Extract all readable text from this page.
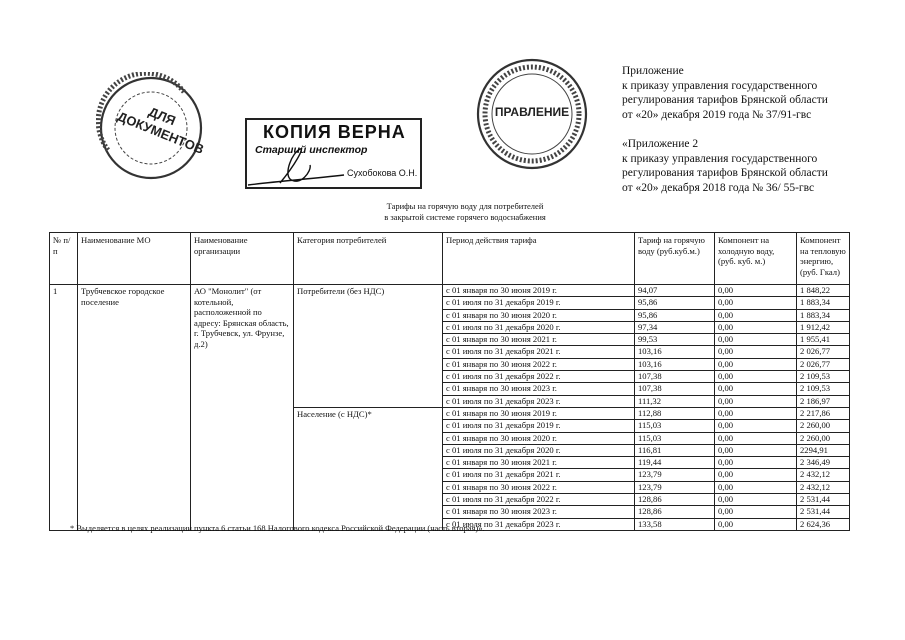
ДЛЯ ДОКУМЕНТОВ	КОПИЯ ВЕРНА
Старший инспектор
Сухобокова О.Н.
ПРАВЛЕНИЕ
Приложение
к приказу управления государственного
регулирования тарифов Брянской области
от «20» декабря 2019 года № 37/91-гвс
«Приложение 2
к приказу управления государственного
регулирования тарифов Брянской области
от «20» декабря 2018 года № 36/ 55-гвс
Тарифы на горячую воду для потребителей
в закрытой системе горячего водоснабжения
№ п/п	Наименование МО	Наименование организации	Категория потребителей	Период действия тарифа	Тариф на горячую воду (руб.куб.м.)	Компонент на холодную воду, (руб. куб. м.)	Компонент на тепловую энергию, (руб. Гкал)
1	Трубчевское городское поселение	АО "Монолит" (от котельной, расположенной по адресу: Брянская область, г. Трубчевск, ул. Фрунзе, д.2)	Потребители (без НДС)	с 01 января по 30 июня 2019 г.	94,07	0,00	1 848,22
				с 01 июля по 31 декабря 2019 г.	95,86	0,00	1 883,34
				с 01 января по 30 июня 2020 г.	95,86	0,00	1 883,34
				с 01 июля по 31 декабря 2020 г.	97,34	0,00	1 912,42
				с 01 января по 30 июня 2021 г.	99,53	0,00	1 955,41
				с 01 июля по 31 декабря 2021 г.	103,16	0,00	2 026,77
				с 01 января по 30 июня 2022 г.	103,16	0,00	2 026,77
				с 01 июля по 31 декабря 2022 г.	107,38	0,00	2 109,53
				с 01 января по 30 июня 2023 г.	107,38	0,00	2 109,53
				с 01 июля по 31 декабря 2023 г.	111,32	0,00	2 186,97
			Население (с НДС)*	с 01 января по 30 июня 2019 г.	112,88	0,00	2 217,86
				с 01 июля по 31 декабря 2019 г.	115,03	0,00	2 260,00
				с 01 января по 30 июня 2020 г.	115,03	0,00	2 260,00
				с 01 июля по 31 декабря 2020 г.	116,81	0,00	2294,91
				с 01 января по 30 июня 2021 г.	119,44	0,00	2 346,49
				с 01 июля по 31 декабря 2021 г.	123,79	0,00	2 432,12
				с 01 января по 30 июня 2022 г.	123,79	0,00	2 432,12
				с 01 июля по 31 декабря 2022 г.	128,86	0,00	2 531,44
				с 01 января по 30 июня 2023 г.	128,86	0,00	2 531,44
				с 01 июля по 31 декабря 2023 г.	133,58	0,00	2 624,36
* Выделяется в целях реализации пункта 6 статьи 168 Налогового кодекса Российской Федерации (часть вторая)».
